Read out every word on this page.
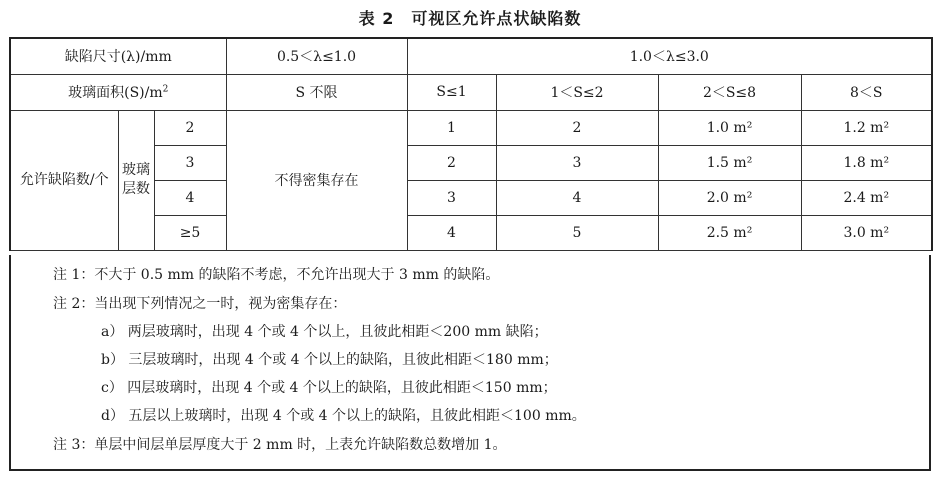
表 2　可视区允许点状缺陷数
缺陷尺寸(λ)/mm			0.5＜λ≤1.0	1.0＜λ≤3.0			
玻璃面积$(S)/m^2$			S 不限	S≤1	1＜S≤2	2＜S≤8	8＜S
允许缺陷数/个	玻璃层数	2	不得密集存在	1	2	1.0 m²	1.2 m²
		3		2	3	1.5 m²	1.8 m²
		4		3	4	2.0 m²	2.4 m²
		≥5		4	5	2.5 m²	3.0 m²
注 1：不大于 0.5 mm 的缺陷不考虑，不允许出现大于 3 mm 的缺陷。
注 2：当出现下列情况之一时，视为密集存在：
a） 两层玻璃时，出现 4 个或 4 个以上，且彼此相距＜200 mm 缺陷；
b） 三层玻璃时，出现 4 个或 4 个以上的缺陷，且彼此相距＜180 mm；
c） 四层玻璃时，出现 4 个或 4 个以上的缺陷，且彼此相距＜150 mm；
d） 五层以上玻璃时，出现 4 个或 4 个以上的缺陷，且彼此相距＜100 mm。
注 3：单层中间层单层厚度大于 2 mm 时，上表允许缺陷数总数增加 1。
